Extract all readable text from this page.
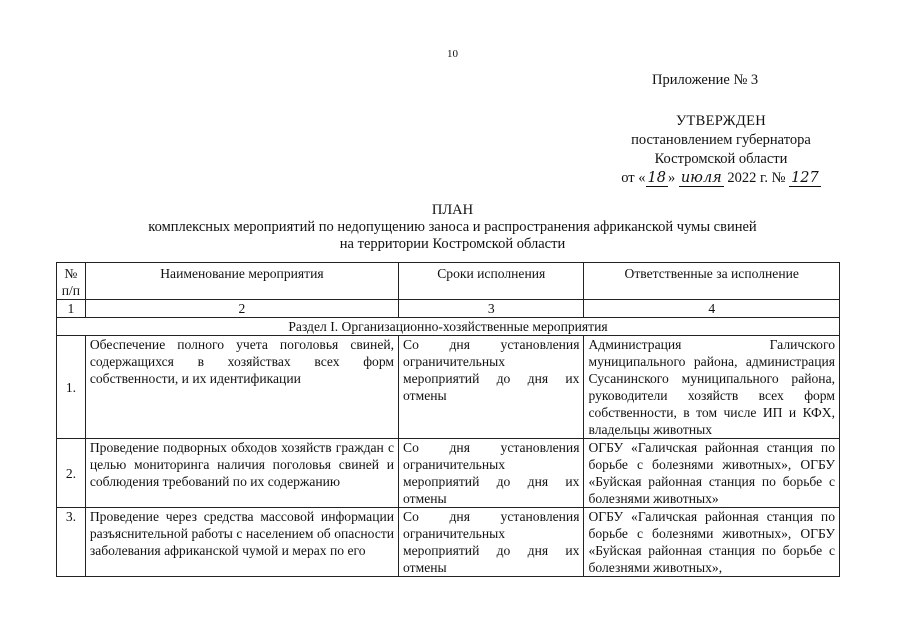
10
Приложение № 3
УТВЕРЖДЕН
постановлением губернатора
Костромской области
от « 18 » июля 2022 г. № 127
ПЛАН
комплексных мероприятий по недопущению заноса и распространения африканской чумы свиней
на территории Костромской области
№ п/п	Наименование мероприятия	Сроки исполнения	Ответственные за исполнение
1	2	3	4
Раздел I. Организационно-хозяйственные мероприятия			
1.	Обеспечение полного учета поголовья свиней, содержащихся в хозяйствах всех форм собственности, и их идентификации	Со дня установления ограничительных мероприятий до дня их отмены	Администрация Галичского муниципального района, администрация Сусанинского муниципального района, руководители хозяйств всех форм собственности, в том числе ИП и КФХ, владельцы животных
2.	Проведение подворных обходов хозяйств граждан с целью мониторинга наличия поголовья свиней и соблюдения требований по их содержанию	Со дня установления ограничительных мероприятий до дня их отмены	ОГБУ «Галичская районная станция по борьбе с болезнями животных», ОГБУ «Буйская районная станция по борьбе с болезнями животных»
3.	Проведение через средства массовой информации разъяснительной работы с населением об опасности заболевания африканской чумой и мерах по его	Со дня установления ограничительных мероприятий до дня их отмены	ОГБУ «Галичская районная станция по борьбе с болезнями животных», ОГБУ «Буйская районная станция по борьбе с болезнями животных»,
